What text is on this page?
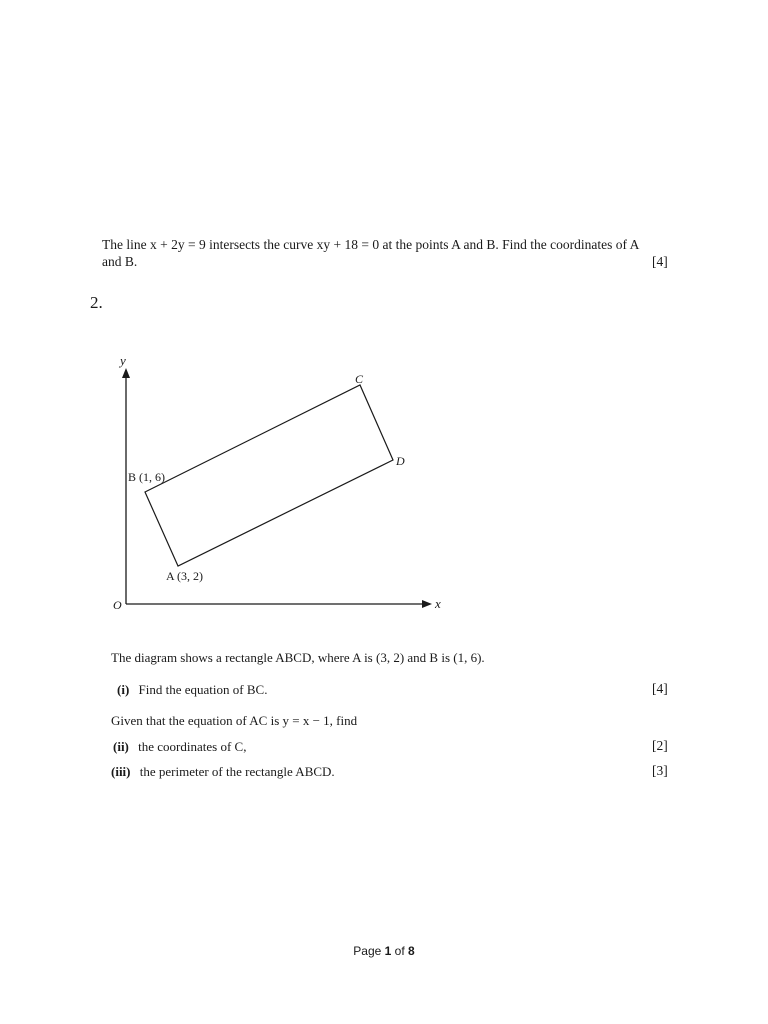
The line x + 2y = 9 intersects the curve xy + 18 = 0 at the points A and B. Find the coordinates of A
and B.	[4]
2.
y
x
O
B (1, 6)
A (3, 2)
C
D
The diagram shows a rectangle ABCD, where A is (3, 2) and B is (1, 6).
(i) Find the equation of BC.	[4]
Given that the equation of AC is y = x − 1, find
(ii) the coordinates of C,	[2]
(iii) the perimeter of the rectangle ABCD.	[3]
Page 1 of 8
